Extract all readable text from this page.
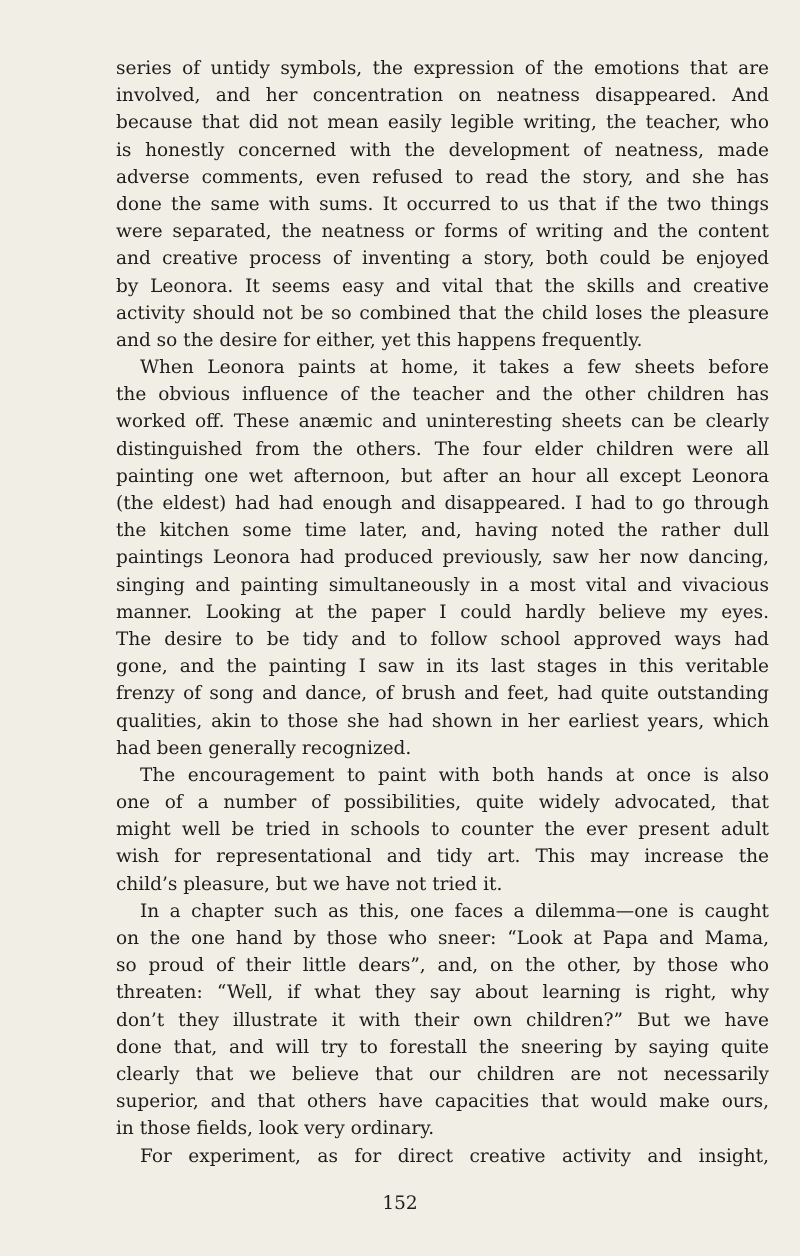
series of untidy symbols, the expression of the emotions that are
involved, and her concentration on neatness disappeared. And
because that did not mean easily legible writing, the teacher, who
is honestly concerned with the development of neatness, made
adverse comments, even refused to read the story, and she has
done the same with sums. It occurred to us that if the two things
were separated, the neatness or forms of writing and the content
and creative process of inventing a story, both could be enjoyed
by Leonora. It seems easy and vital that the skills and creative
activity should not be so combined that the child loses the pleasure
and so the desire for either, yet this happens frequently.
When Leonora paints at home, it takes a few sheets before
the obvious influence of the teacher and the other children has
worked off. These anæmic and uninteresting sheets can be clearly
distinguished from the others. The four elder children were all
painting one wet afternoon, but after an hour all except Leonora
(the eldest) had had enough and disappeared. I had to go through
the kitchen some time later, and, having noted the rather dull
paintings Leonora had produced previously, saw her now dancing,
singing and painting simultaneously in a most vital and vivacious
manner. Looking at the paper I could hardly believe my eyes.
The desire to be tidy and to follow school approved ways had
gone, and the painting I saw in its last stages in this veritable
frenzy of song and dance, of brush and feet, had quite outstanding
qualities, akin to those she had shown in her earliest years, which
had been generally recognized.
The encouragement to paint with both hands at once is also
one of a number of possibilities, quite widely advocated, that
might well be tried in schools to counter the ever present adult
wish for representational and tidy art. This may increase the
child’s pleasure, but we have not tried it.
In a chapter such as this, one faces a dilemma—one is caught
on the one hand by those who sneer: “Look at Papa and Mama,
so proud of their little dears”, and, on the other, by those who
threaten: “Well, if what they say about learning is right, why
don’t they illustrate it with their own children?” But we have
done that, and will try to forestall the sneering by saying quite
clearly that we believe that our children are not necessarily
superior, and that others have capacities that would make ours,
in those fields, look very ordinary.
For experiment, as for direct creative activity and insight,
152
